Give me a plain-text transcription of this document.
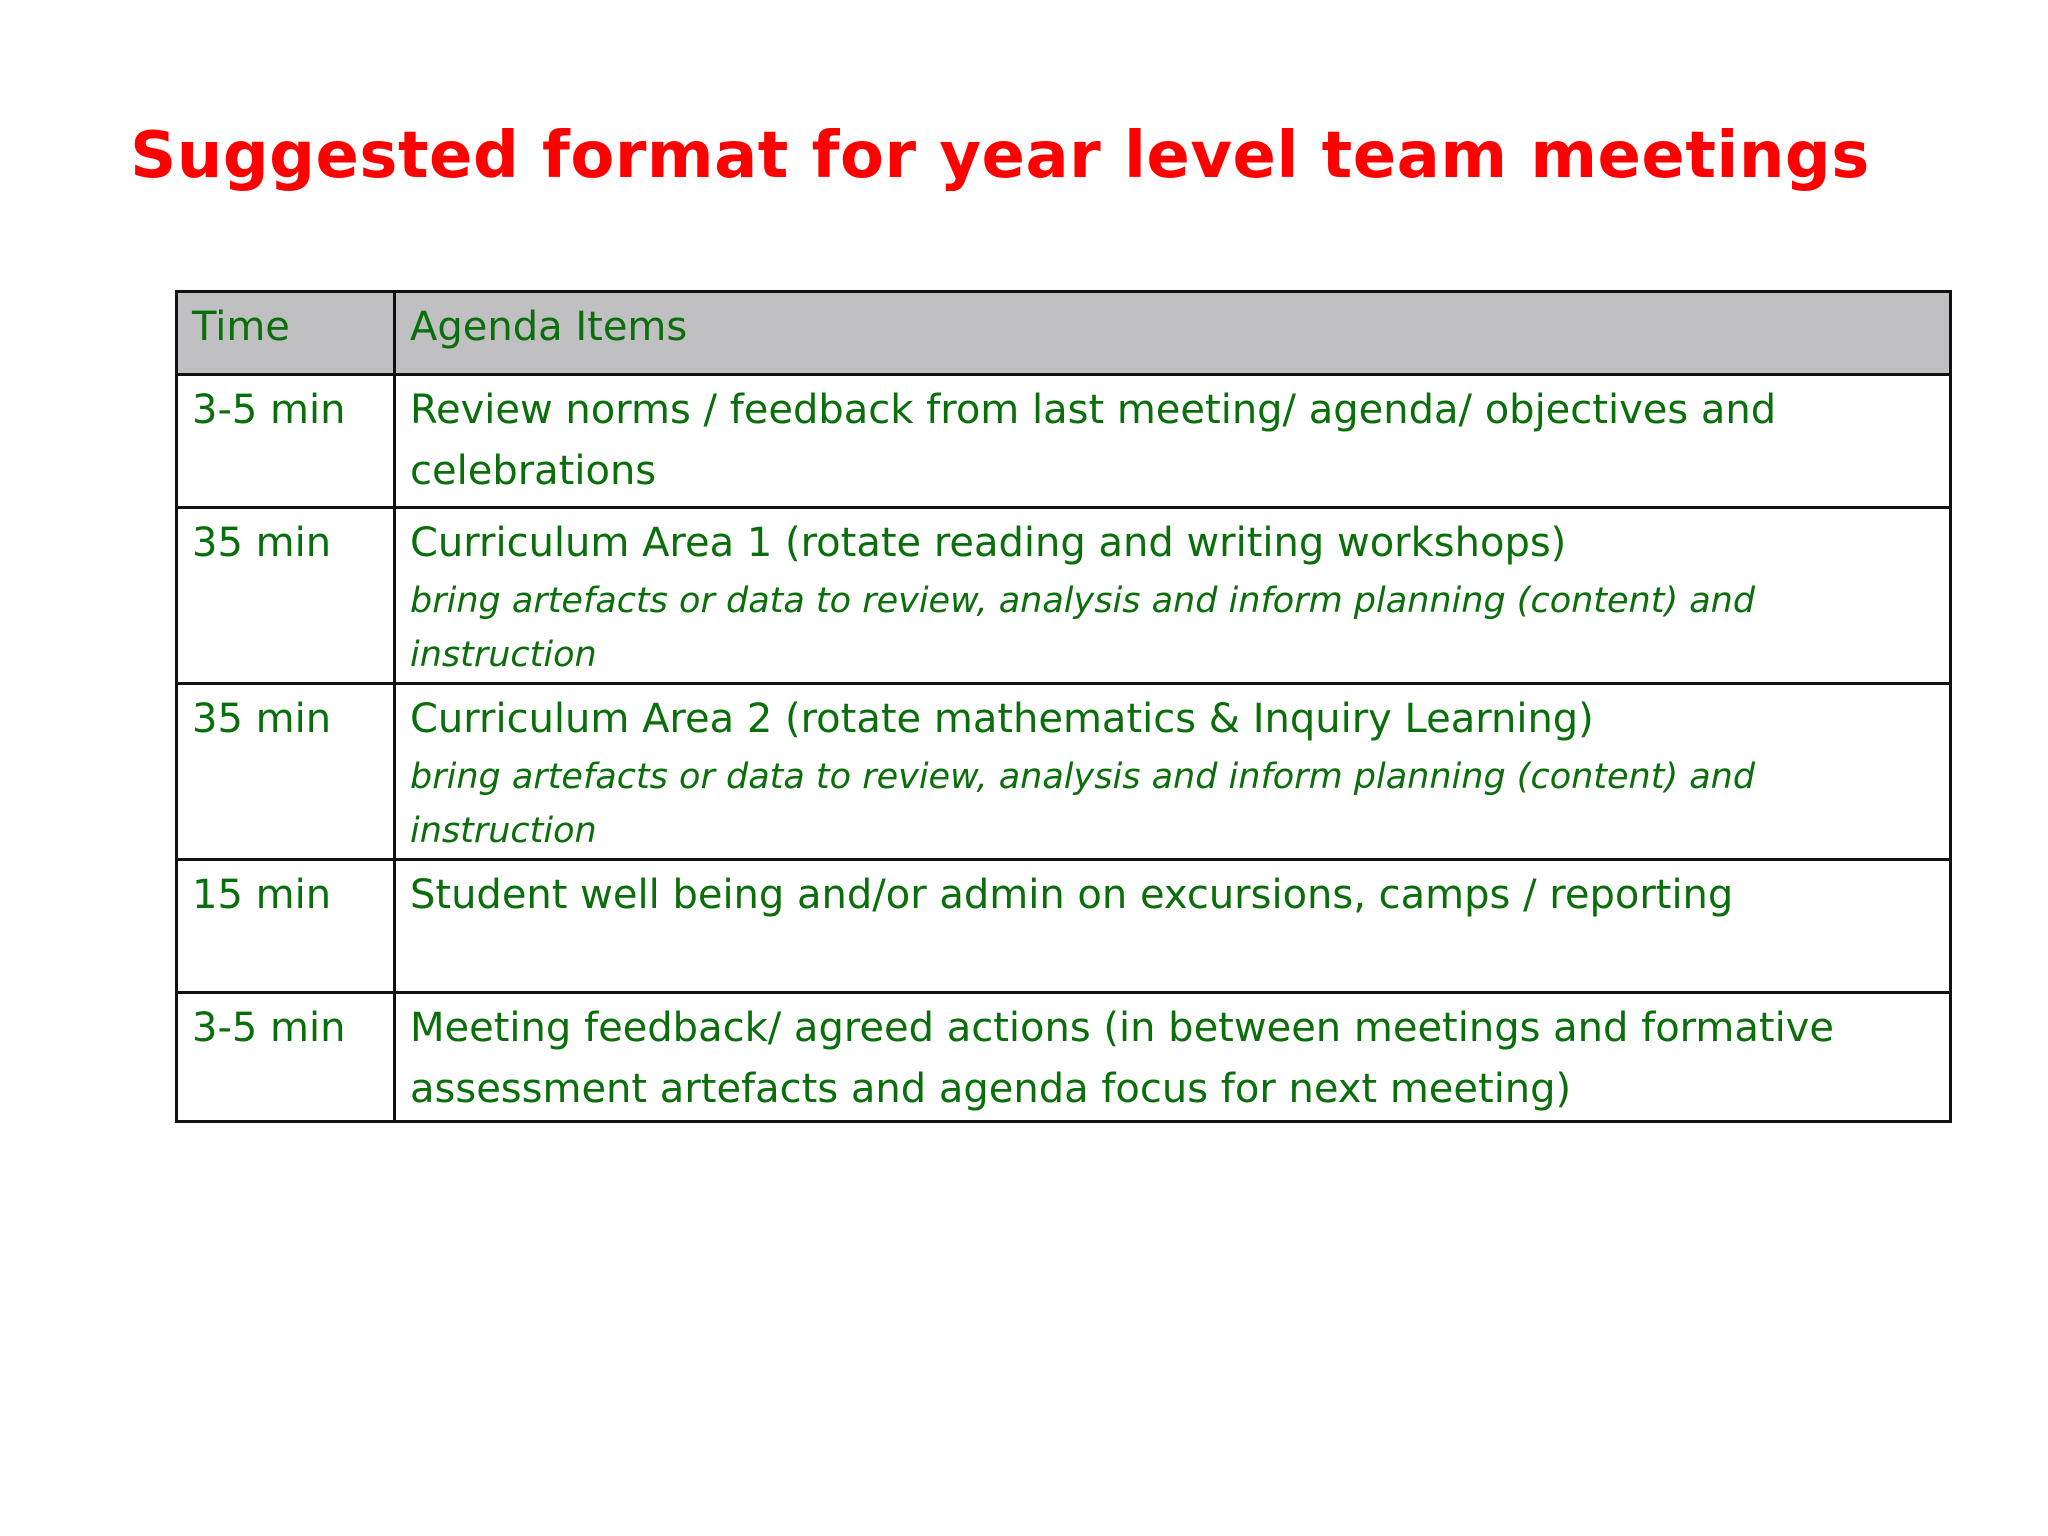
Suggested format for year level team meetings
Time	Agenda Items
3-5 min	Review norms / feedback from last meeting/ agenda/ objectives and celebrations

35 min	Curriculum Area 1 (rotate reading and writing workshops)
bring artefacts or data to review, analysis and inform planning (content) and instruction

35 min	Curriculum Area 2 (rotate mathematics & Inquiry Learning)
bring artefacts or data to review, analysis and inform planning (content) and instruction

15 min	Student well being and/or admin on excursions, camps / reporting

3-5 min	Meeting feedback/ agreed actions (in between meetings and formative assessment artefacts and agenda focus for next meeting)
